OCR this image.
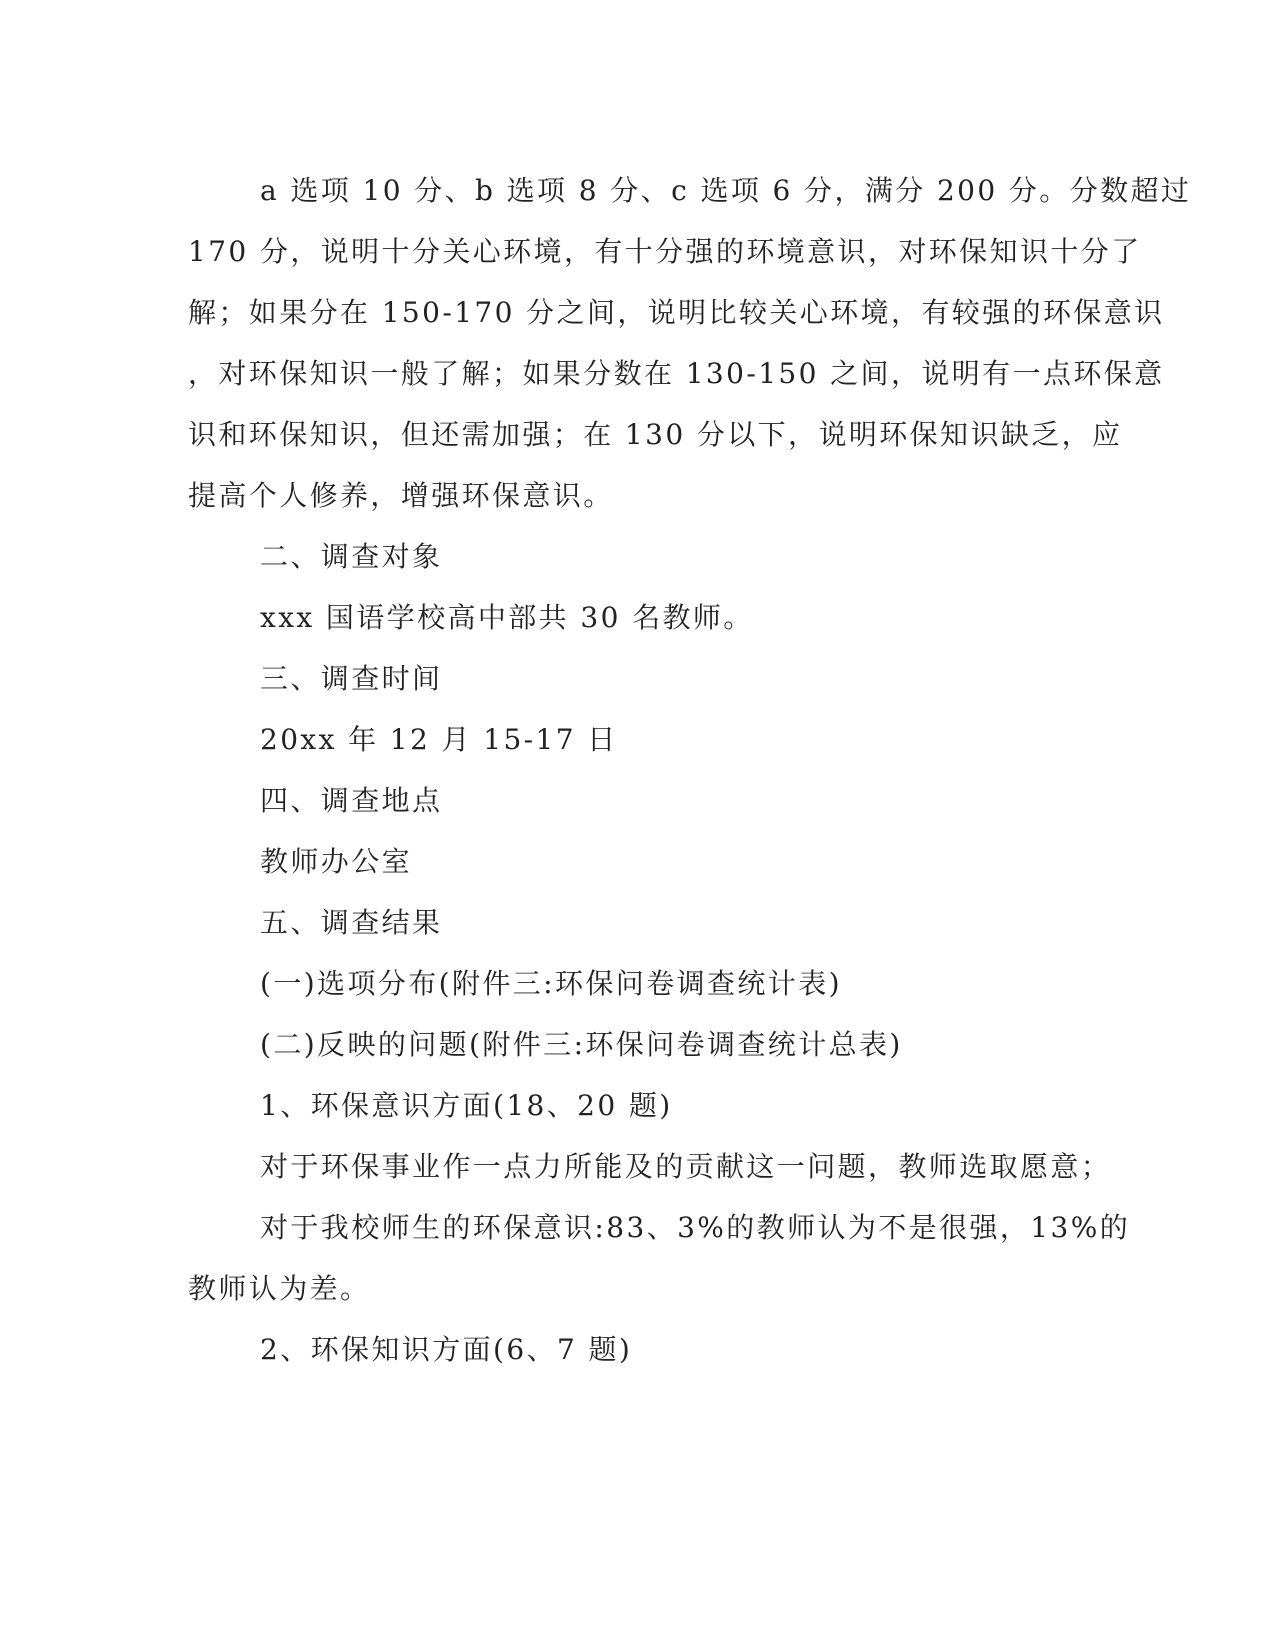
a 选项 10 分、b 选项 8 分、c 选项 6 分，满分 200 分。分数超过
170 分，说明十分关心环境，有十分强的环境意识，对环保知识十分了
解；如果分在 150-170 分之间，说明比较关心环境，有较强的环保意识
，对环保知识一般了解；如果分数在 130-150 之间，说明有一点环保意
识和环保知识，但还需加强；在 130 分以下，说明环保知识缺乏，应
提高个人修养，增强环保意识。

二、调查对象

xxx 国语学校高中部共 30 名教师。

三、调查时间

20xx 年 12 月 15-17 日

四、调查地点

教师办公室

五、调查结果

(一)选项分布(附件三:环保问卷调查统计表)

(二)反映的问题(附件三:环保问卷调查统计总表)

1、环保意识方面(18、20 题)

对于环保事业作一点力所能及的贡献这一问题，教师选取愿意；

对于我校师生的环保意识:83、3%的教师认为不是很强，13%的
教师认为差。

2、环保知识方面(6、7 题)
